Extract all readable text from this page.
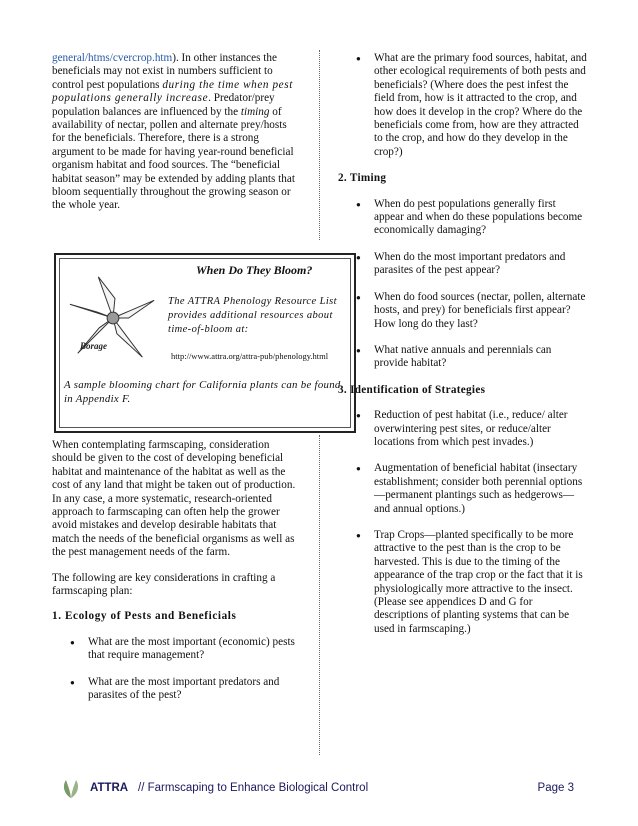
general/htms/cvercrop.htm). In other instances the beneficials may not exist in numbers sufficient to control pest populations during the time when pest populations generally increase. Predator/prey population balances are influenced by the timing of availability of nectar, pollen and alternate prey/hosts for the beneficials. Therefore, there is a strong argument to be made for having year-round beneficial organism habitat and food sources. The “beneficial habitat season” may be extended by adding plants that bloom sequentially throughout the growing season or the whole year.

Borage
When Do They Bloom?
The ATTRA Phenology Resource List provides additional resources about time-of-bloom at:
http://www.attra.org/attra-pub/phenology.html
A sample blooming chart for California plants can be found in Appendix F.

When contemplating farmscaping, consideration should be given to the cost of developing beneficial habitat and maintenance of the habitat as well as the cost of any land that might be taken out of production. In any case, a more systematic, research-oriented approach to farmscaping can often help the grower avoid mistakes and develop desirable habitats that match the needs of the beneficial organisms as well as the pest management needs of the farm.

The following are key considerations in crafting a farmscaping plan:

1. Ecology of Pests and Beneficials
● What are the most important (economic) pests that require management?
● What are the most important predators and parasites of the pest?
● What are the primary food sources, habitat, and other ecological requirements of both pests and beneficials? (Where does the pest infest the field from, how is it attracted to the crop, and how does it develop in the crop? Where do the beneficials come from, how are they attracted to the crop, and how do they develop in the crop?)
2. Timing
● When do pest populations generally first appear and when do these populations become economically damaging?
● When do the most important predators and parasites of the pest appear?
● When do food sources (nectar, pollen, alternate hosts, and prey) for beneficials first appear? How long do they last?
● What native annuals and perennials can provide habitat?
3. Identification of Strategies
● Reduction of pest habitat (i.e., reduce/ alter overwintering pest sites, or reduce/alter locations from which pest invades.)
● Augmentation of beneficial habitat (insectary establishment; consider both perennial options—permanent plantings such as hedgerows—and annual options.)
● Trap Crops—planted specifically to be more attractive to the pest than is the crop to be harvested. This is due to the timing of the appearance of the trap crop or the fact that it is physiologically more attractive to the insect. (Please see appendices D and G for descriptions of planting systems that can be used in farmscaping.)
ATTRA // Farmscaping to Enhance Biological Control	Page 3
